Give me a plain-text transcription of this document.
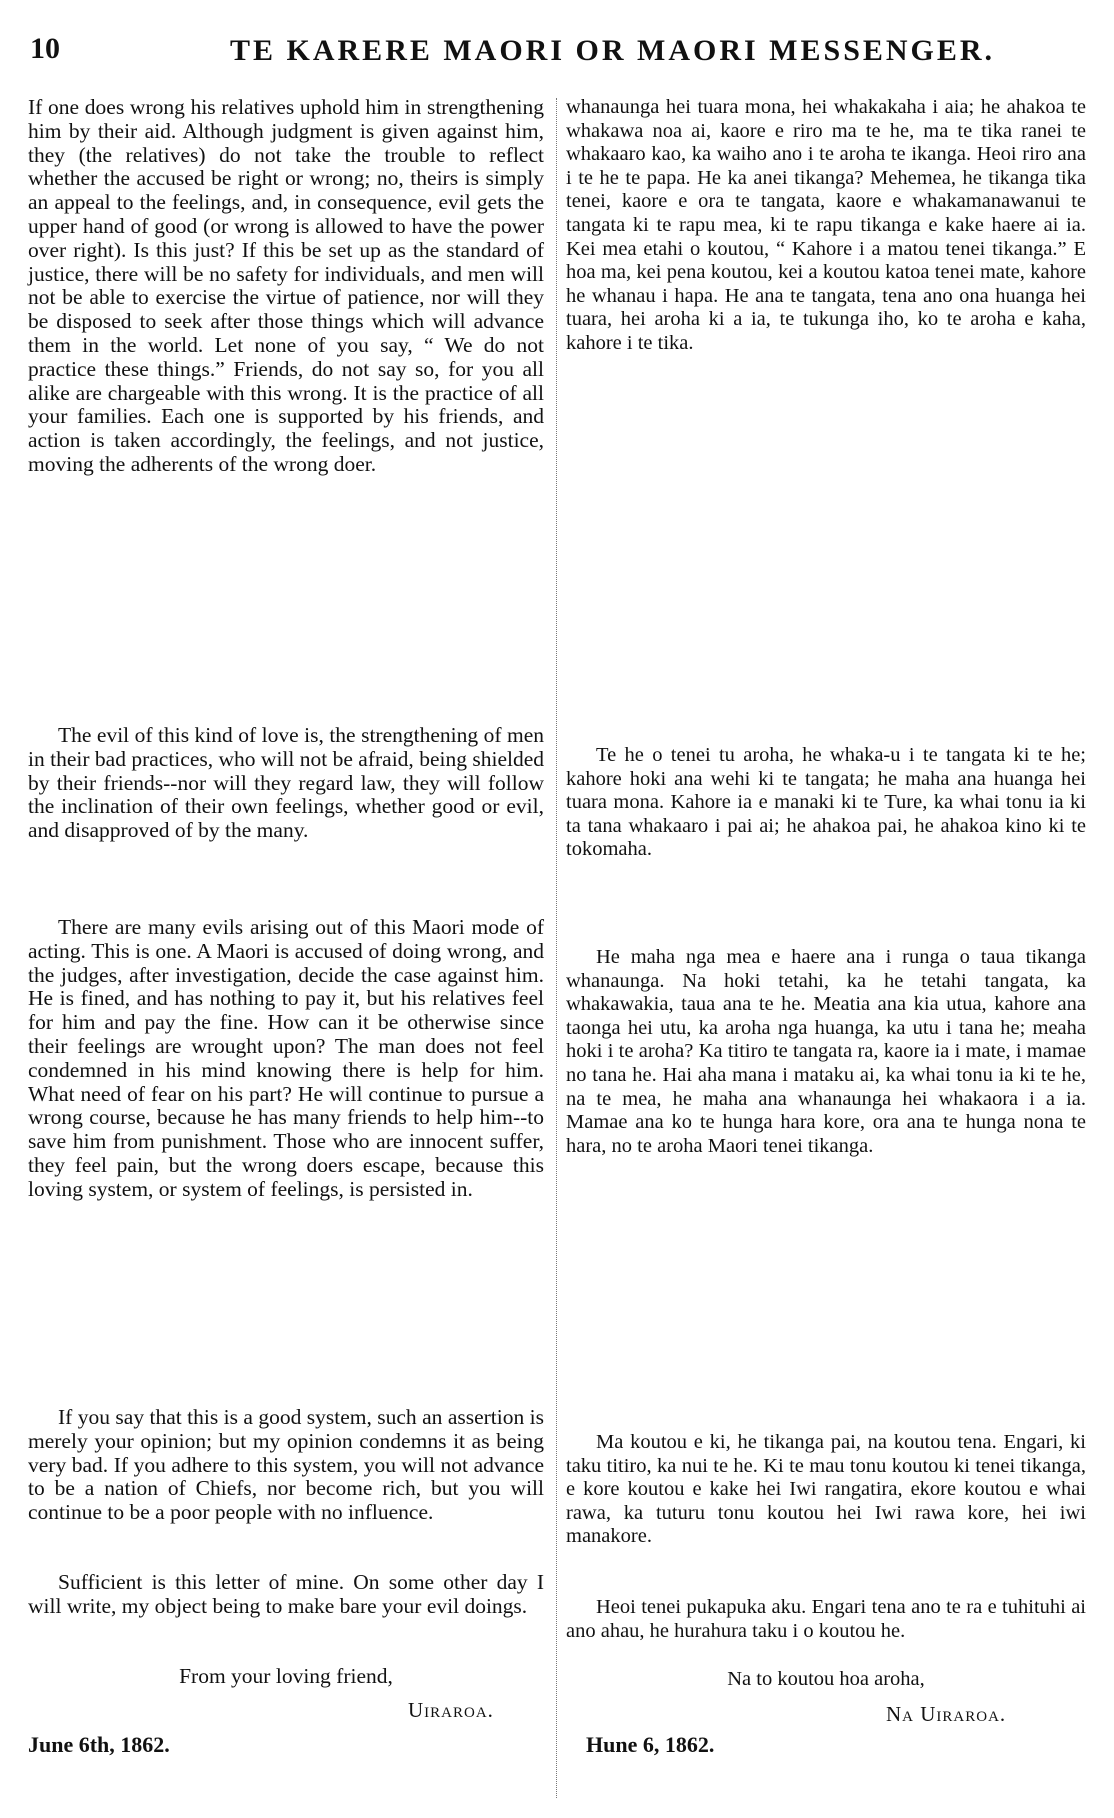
10	TE KARERE MAORI OR MAORI MESSENGER.

If one does wrong his relatives uphold him in strengthening him by their aid. Although judgment is given against him, they (the relatives) do not take the trouble to reflect whether the accused be right or wrong; no, theirs is simply an appeal to the feelings, and, in consequence, evil gets the upper hand of good (or wrong is allowed to have the power over right). Is this just? If this be set up as the standard of justice, there will be no safety for individuals, and men will not be able to exercise the virtue of patience, nor will they be disposed to seek after those things which will advance them in the world. Let none of you say, “ We do not practice these things.” Friends, do not say so, for you all alike are chargeable with this wrong. It is the practice of all your families. Each one is supported by his friends, and action is taken accordingly, the feelings, and not justice, moving the adherents of the wrong doer.

The evil of this kind of love is, the strengthening of men in their bad practices, who will not be afraid, being shielded by their friends--nor will they regard law, they will follow the inclination of their own feelings, whether good or evil, and disapproved of by the many.

There are many evils arising out of this Maori mode of acting. This is one. A Maori is accused of doing wrong, and the judges, after investigation, decide the case against him. He is fined, and has nothing to pay it, but his relatives feel for him and pay the fine. How can it be otherwise since their feelings are wrought upon? The man does not feel condemned in his mind knowing there is help for him. What need of fear on his part? He will continue to pursue a wrong course, because he has many friends to help him--to save him from punishment. Those who are innocent suffer, they feel pain, but the wrong doers escape, because this loving system, or system of feelings, is persisted in.

If you say that this is a good system, such an assertion is merely your opinion; but my opinion condemns it as being very bad. If you adhere to this system, you will not advance to be a nation of Chiefs, nor become rich, but you will continue to be a poor people with no influence.

Sufficient is this letter of mine. On some other day I will write, my object being to make bare your evil doings.

From your loving friend,
Uiraroa.
June 6th, 1862.

whanaunga hei tuara mona, hei whakakaha i aia; he ahakoa te whakawa noa ai, kaore e riro ma te he, ma te tika ranei te whakaaro kao, ka waiho ano i te aroha te ikanga. Heoi riro ana i te he te papa. He ka anei tikanga? Mehemea, he tikanga tika tenei, kaore e ora te tangata, kaore e whakamanawanui te tangata ki te rapu mea, ki te rapu tikanga e kake haere ai ia. Kei mea etahi o koutou, “ Kahore i a matou tenei tikanga.” E hoa ma, kei pena koutou, kei a koutou katoa tenei mate, kahore he whanau i hapa. He ana te tangata, tena ano ona huanga hei tuara, hei aroha ki a ia, te tukunga iho, ko te aroha e kaha, kahore i te tika.

Te he o tenei tu aroha, he whaka-u i te tangata ki te he; kahore hoki ana wehi ki te tangata; he maha ana huanga hei tuara mona. Kahore ia e manaki ki te Ture, ka whai tonu ia ki ta tana whakaaro i pai ai; he ahakoa pai, he ahakoa kino ki te tokomaha.

He maha nga mea e haere ana i runga o taua tikanga whanaunga. Na hoki tetahi, ka he tetahi tangata, ka whakawakia, taua ana te he. Meatia ana kia utua, kahore ana taonga hei utu, ka aroha nga huanga, ka utu i tana he; meaha hoki i te aroha? Ka titiro te tangata ra, kaore ia i mate, i mamae no tana he. Hai aha mana i mataku ai, ka whai tonu ia ki te he, na te mea, he maha ana whanaunga hei whakaora i a ia. Mamae ana ko te hunga hara kore, ora ana te hunga nona te hara, no te aroha Maori tenei tikanga.

Ma koutou e ki, he tikanga pai, na koutou tena. Engari, ki taku titiro, ka nui te he. Ki te mau tonu koutou ki tenei tikanga, e kore koutou e kake hei Iwi rangatira, ekore koutou e whai rawa, ka tuturu tonu koutou hei Iwi rawa kore, hei iwi manakore.

Heoi tenei pukapuka aku. Engari tena ano te ra e tuhituhi ai ano ahau, he hurahura taku i o koutou he.

Na to koutou hoa aroha,
Na Uiraroa.
Hune 6, 1862.
